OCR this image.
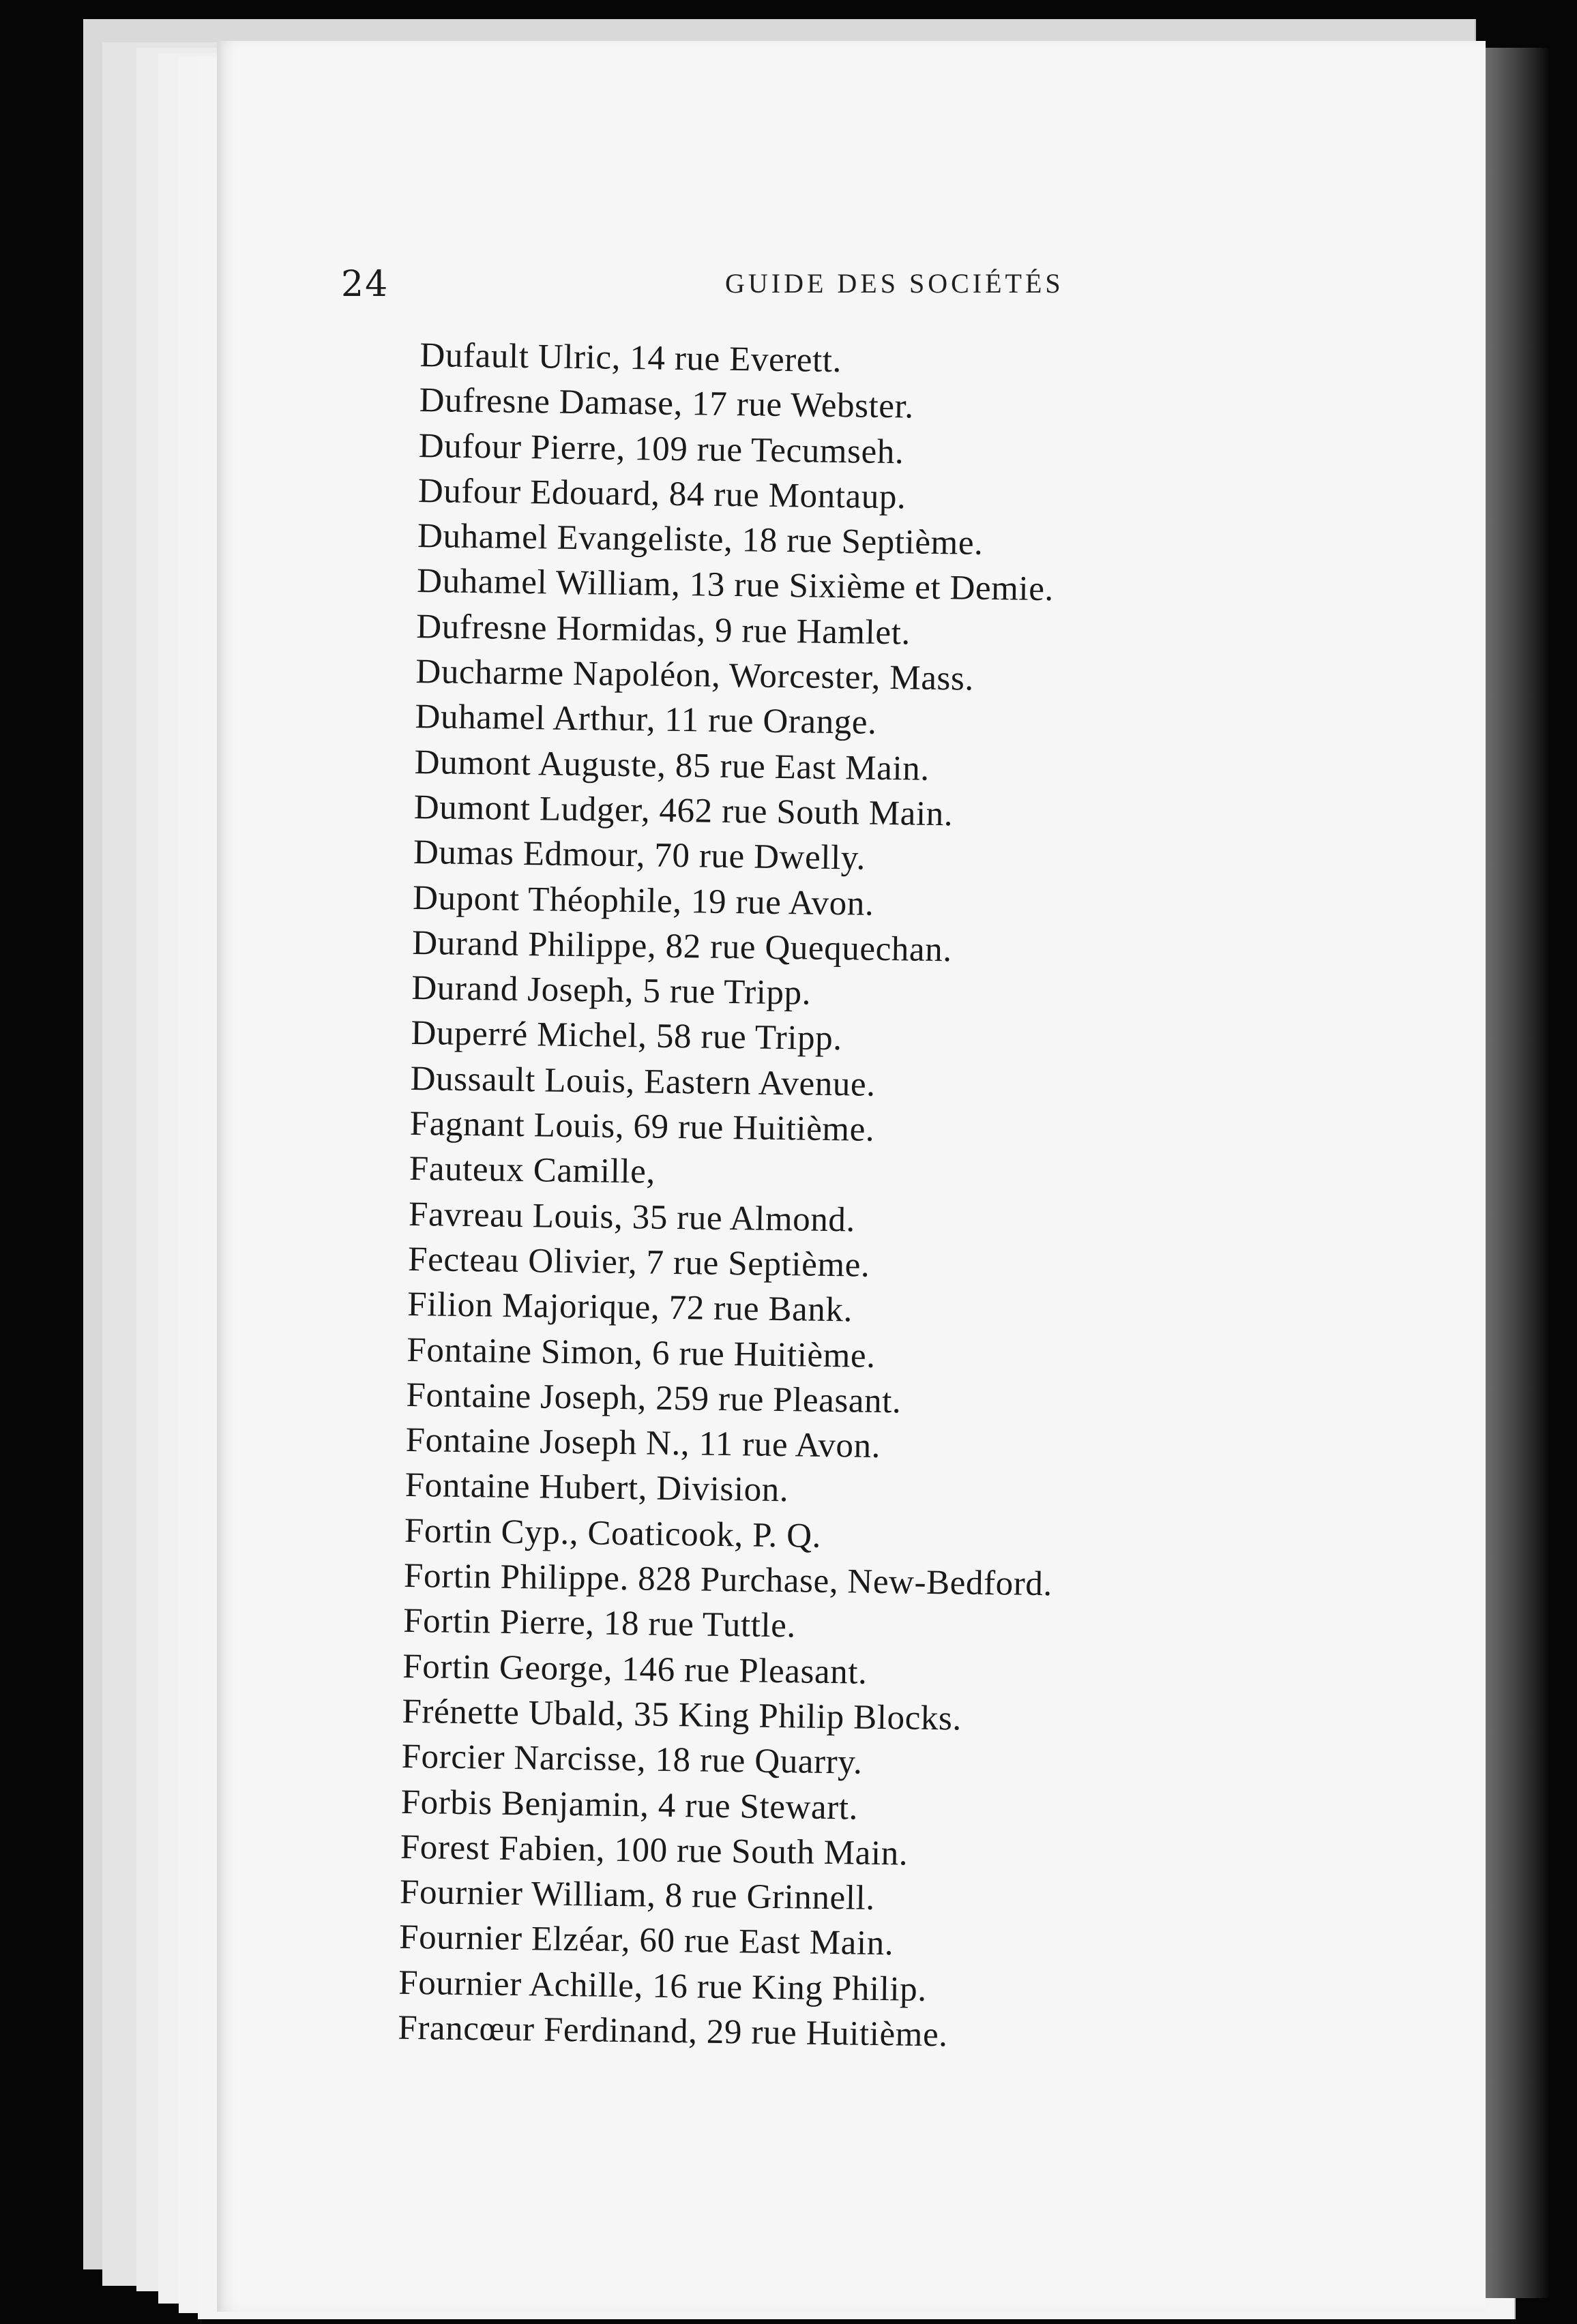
24	GUIDE DES SOCIÉTÉS
Dufault Ulric, 14 rue Everett.
Dufresne Damase, 17 rue Webster.
Dufour Pierre, 109 rue Tecumseh.
Dufour Edouard, 84 rue Montaup.
Duhamel Evangeliste, 18 rue Septième.
Duhamel William, 13 rue Sixième et Demie.
Dufresne Hormidas, 9 rue Hamlet.
Ducharme Napoléon, Worcester, Mass.
Duhamel Arthur, 11 rue Orange.
Dumont Auguste, 85 rue East Main.
Dumont Ludger, 462 rue South Main.
Dumas Edmour, 70 rue Dwelly.
Dupont Théophile, 19 rue Avon.
Durand Philippe, 82 rue Quequechan.
Durand Joseph, 5 rue Tripp.
Duperré Michel, 58 rue Tripp.
Dussault Louis, Eastern Avenue.
Fagnant Louis, 69 rue Huitième.
Fauteux Camille,
Favreau Louis, 35 rue Almond.
Fecteau Olivier, 7 rue Septième.
Filion Majorique, 72 rue Bank.
Fontaine Simon, 6 rue Huitième.
Fontaine Joseph, 259 rue Pleasant.
Fontaine Joseph N., 11 rue Avon.
Fontaine Hubert, Division.
Fortin Cyp., Coaticook, P. Q.
Fortin Philippe. 828 Purchase, New-Bedford.
Fortin Pierre, 18 rue Tuttle.
Fortin George, 146 rue Pleasant.
Frénette Ubald, 35 King Philip Blocks.
Forcier Narcisse, 18 rue Quarry.
Forbis Benjamin, 4 rue Stewart.
Forest Fabien, 100 rue South Main.
Fournier William, 8 rue Grinnell.
Fournier Elzéar, 60 rue East Main.
Fournier Achille, 16 rue King Philip.
Francœur Ferdinand, 29 rue Huitième.
